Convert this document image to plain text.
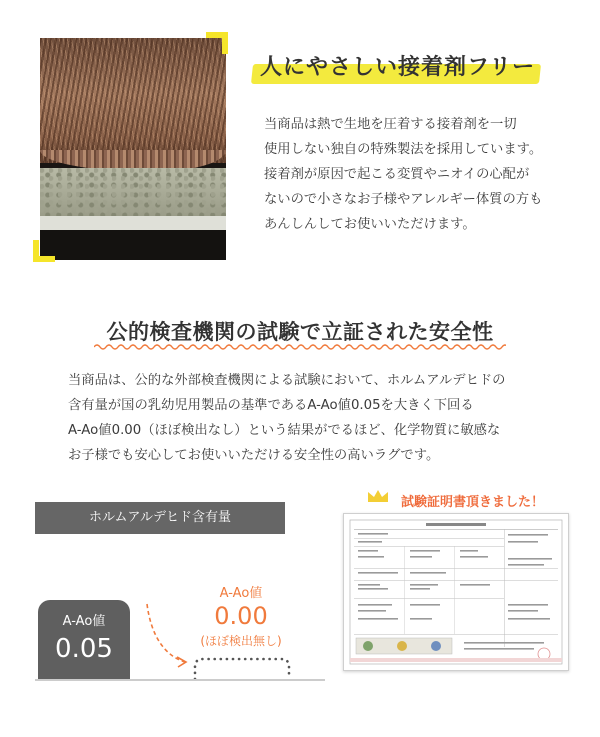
人にやさしい接着剤フリー
当商品は熱で生地を圧着する接着剤を一切
使用しない独自の特殊製法を採用しています。
接着剤が原因で起こる変質やニオイの心配が
ないので小さなお子様やアレルギー体質の方も
あんしんしてお使いいただけます。
公的検査機関の試験で立証された安全性
当商品は、公的な外部検査機関による試験において、ホルムアルデヒドの
含有量が国の乳幼児用製品の基準であるA-Ao値0.05を大きく下回る
A-Ao値0.00（ほぼ検出なし）という結果がでるほど、化学物質に敏感な
お子様でも安心してお使いいただける安全性の高いラグです。
ホルムアルデヒド含有量
A-Ao値
0.05
A-Ao値
0.00
(ほぼ検出無し)
試験証明書頂きました！
